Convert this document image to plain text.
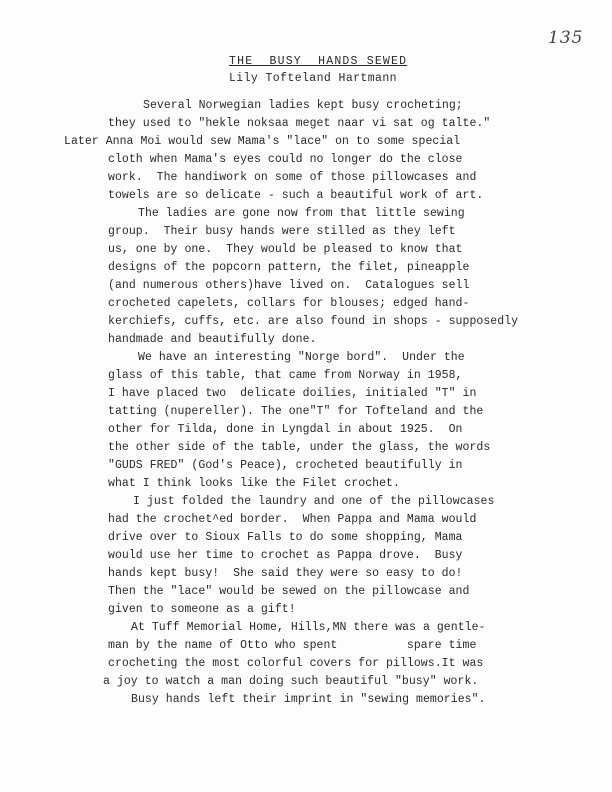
135
THE  BUSY  HANDS SEWED
Lily Tofteland Hartmann
Several Norwegian ladies kept busy crocheting;
they used to "hekle noksaa meget naar vi sat og talte."
Later Anna Moi would sew Mama's "lace" on to some special
cloth when Mama's eyes could no longer do the close
work.  The handiwork on some of those pillowcases and
towels are so delicate - such a beautiful work of art.
The ladies are gone now from that little sewing
group.  Their busy hands were stilled as they left
us, one by one.  They would be pleased to know that
designs of the popcorn pattern, the filet, pineapple
(and numerous others)have lived on.  Catalogues sell
crocheted capelets, collars for blouses; edged hand-
kerchiefs, cuffs, etc. are also found in shops - supposedly
handmade and beautifully done.
We have an interesting "Norge bord".  Under the
glass of this table, that came from Norway in 1958,
I have placed two  delicate doilies, initialed "T" in
tatting (nupereller). The one"T" for Tofteland and the
other for Tilda, done in Lyngdal in about 1925.  On
the other side of the table, under the glass, the words
"GUDS FRED" (God's Peace), crocheted beautifully in
what I think looks like the Filet crochet.
I just folded the laundry and one of the pillowcases
had the crochet^ed border.  When Pappa and Mama would
drive over to Sioux Falls to do some shopping, Mama
would use her time to crochet as Pappa drove.  Busy
hands kept busy!  She said they were so easy to do!
Then the "lace" would be sewed on the pillowcase and
given to someone as a gift!
At Tuff Memorial Home, Hills,MN there was a gentle-
man by the name of Otto who spent          spare time
crocheting the most colorful covers for pillows.It was
a joy to watch a man doing such beautiful "busy" work.
Busy hands left their imprint in "sewing memories".
